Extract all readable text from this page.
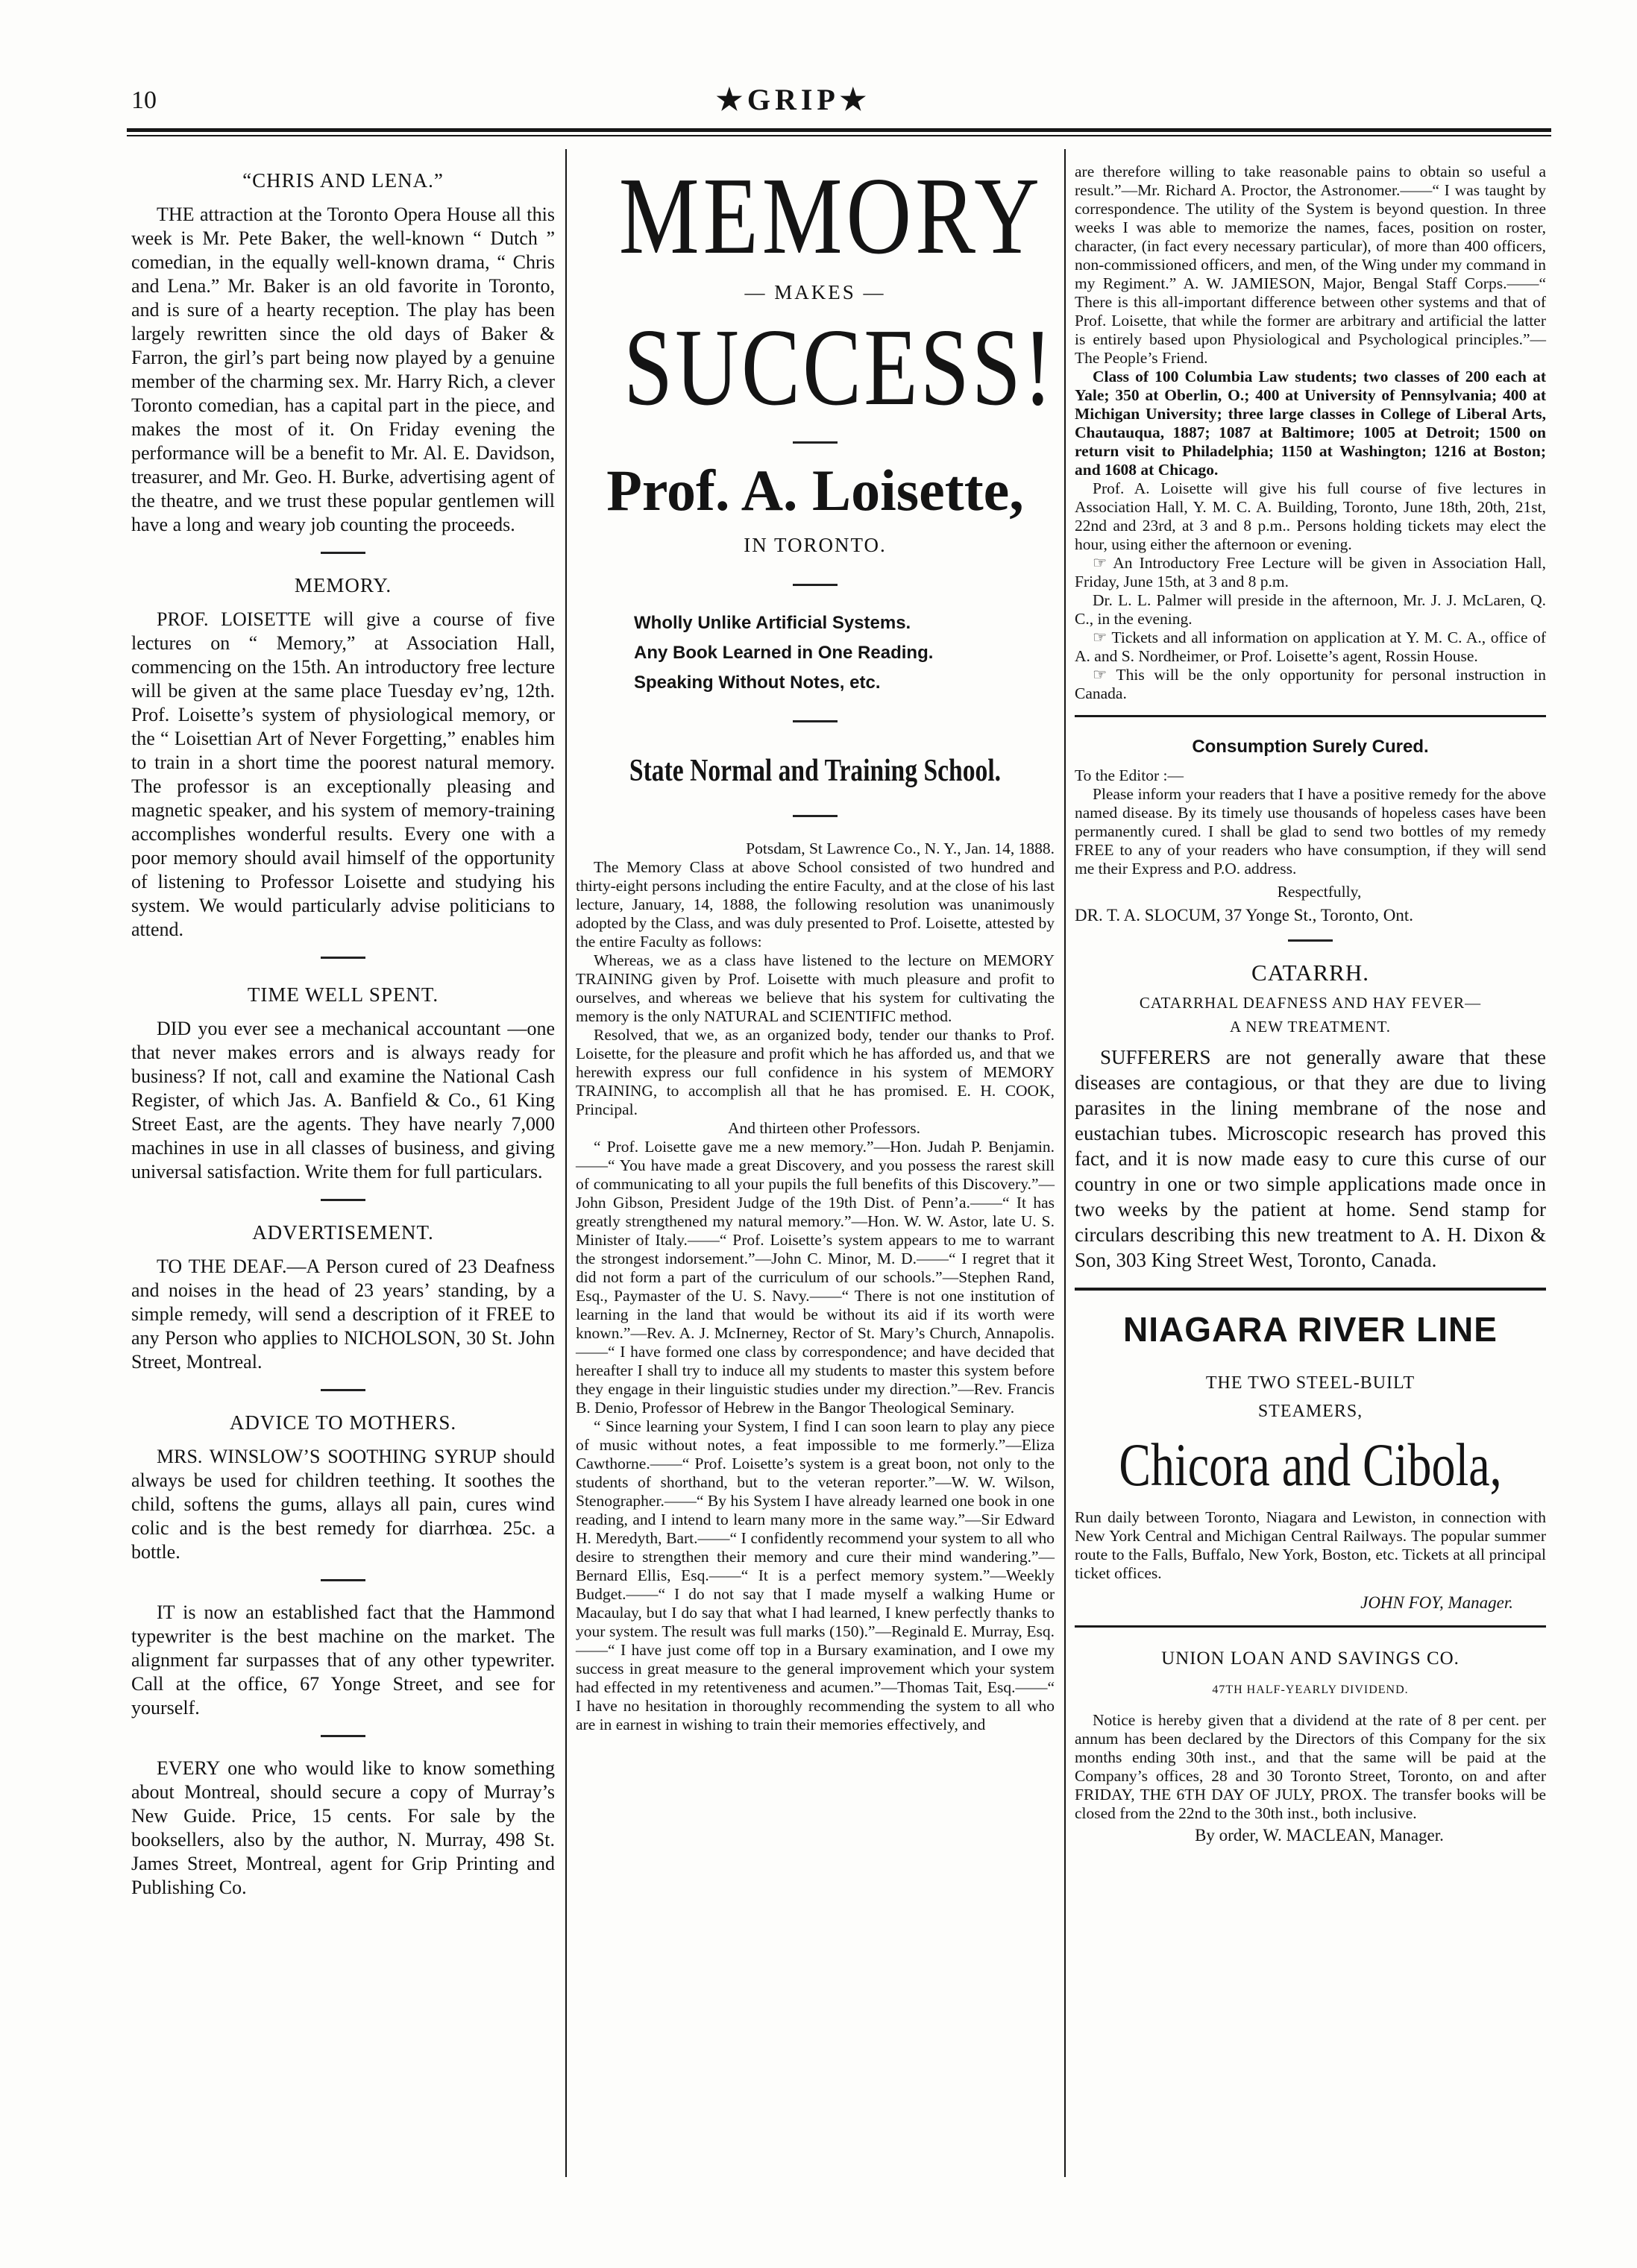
10	★GRIP★
“CHRIS AND LENA.”

THE attraction at the Toronto Opera House all this week is Mr. Pete Baker, the well-known “ Dutch ” comedian, in the equally well-known drama, “ Chris and Lena.” Mr. Baker is an old favorite in Toronto, and is sure of a hearty reception. The play has been largely rewritten since the old days of Baker & Farron, the girl’s part being now played by a genuine member of the charming sex. Mr. Harry Rich, a clever Toronto comedian, has a capital part in the piece, and makes the most of it. On Friday evening the performance will be a benefit to Mr. Al. E. Davidson, treasurer, and Mr. Geo. H. Burke, advertising agent of the theatre, and we trust these popular gentlemen will have a long and weary job counting the proceeds.

MEMORY.

PROF. LOISETTE will give a course of five lectures on “ Memory,” at Association Hall, commencing on the 15th. An introductory free lecture will be given at the same place Tuesday ev’ng, 12th. Prof. Loisette’s system of physiological memory, or the “ Loisettian Art of Never Forgetting,” enables him to train in a short time the poorest natural memory. The professor is an exceptionally pleasing and magnetic speaker, and his system of memory-training accomplishes wonderful results. Every one with a poor memory should avail himself of the opportunity of listening to Professor Loisette and studying his system. We would particularly advise politicians to attend.

TIME WELL SPENT.

DID you ever see a mechanical accountant —one that never makes errors and is always ready for business? If not, call and examine the National Cash Register, of which Jas. A. Banfield & Co., 61 King Street East, are the agents. They have nearly 7,000 machines in use in all classes of business, and giving universal satisfaction. Write them for full particulars.

ADVERTISEMENT.

TO THE DEAF.—A Person cured of 23 Deafness and noises in the head of 23 years’ standing, by a simple remedy, will send a description of it FREE to any Person who applies to NICHOLSON, 30 St. John Street, Montreal.

ADVICE TO MOTHERS.

MRS. WINSLOW’S SOOTHING SYRUP should always be used for children teething. It soothes the child, softens the gums, allays all pain, cures wind colic and is the best remedy for diarrhœa. 25c. a bottle.

IT is now an established fact that the Hammond typewriter is the best machine on the market. The alignment far surpasses that of any other typewriter. Call at the office, 67 Yonge Street, and see for yourself.

EVERY one who would like to know something about Montreal, should secure a copy of Murray’s New Guide. Price, 15 cents. For sale by the booksellers, also by the author, N. Murray, 498 St. James Street, Montreal, agent for Grip Printing and Publishing Co.

MEMORY
— MAKES —
SUCCESS!
Prof. A. Loisette,
IN TORONTO.
Wholly Unlike Artificial Systems.
Any Book Learned in One Reading.
Speaking Without Notes, etc.
State Normal and Training School.

Potsdam, St Lawrence Co., N. Y., Jan. 14, 1888.

The Memory Class at above School consisted of two hundred and thirty-eight persons including the entire Faculty, and at the close of his last lecture, January, 14, 1888, the following resolution was unanimously adopted by the Class, and was duly presented to Prof. Loisette, attested by the entire Faculty as follows:

Whereas, we as a class have listened to the lecture on MEMORY TRAINING given by Prof. Loisette with much pleasure and profit to ourselves, and whereas we believe that his system for cultivating the memory is the only NATURAL and SCIENTIFIC method.

Resolved, that we, as an organized body, tender our thanks to Prof. Loisette, for the pleasure and profit which he has afforded us, and that we herewith express our full confidence in his system of MEMORY TRAINING, to accomplish all that he has promised. E. H. COOK, Principal.

And thirteen other Professors.

“ Prof. Loisette gave me a new memory.”—Hon. Judah P. Benjamin.——“ You have made a great Discovery, and you possess the rarest skill of communicating to all your pupils the full benefits of this Discovery.”—John Gibson, President Judge of the 19th Dist. of Penn’a.——“ It has greatly strengthened my natural memory.”—Hon. W. W. Astor, late U. S. Minister of Italy.——“ Prof. Loisette’s system appears to me to warrant the strongest indorsement.”—John C. Minor, M. D.——“ I regret that it did not form a part of the curriculum of our schools.”—Stephen Rand, Esq., Paymaster of the U. S. Navy.——“ There is not one institution of learning in the land that would be without its aid if its worth were known.”—Rev. A. J. McInerney, Rector of St. Mary’s Church, Annapolis.——“ I have formed one class by correspondence; and have decided that hereafter I shall try to induce all my students to master this system before they engage in their linguistic studies under my direction.”—Rev. Francis B. Denio, Professor of Hebrew in the Bangor Theological Seminary.

“ Since learning your System, I find I can soon learn to play any piece of music without notes, a feat impossible to me formerly.”—Eliza Cawthorne.——“ Prof. Loisette’s system is a great boon, not only to the students of shorthand, but to the veteran reporter.”—W. W. Wilson, Stenographer.——“ By his System I have already learned one book in one reading, and I intend to learn many more in the same way.”—Sir Edward H. Meredyth, Bart.——“ I confidently recommend your system to all who desire to strengthen their memory and cure their mind wandering.”—Bernard Ellis, Esq.——“ It is a perfect memory system.”—Weekly Budget.——“ I do not say that I made myself a walking Hume or Macaulay, but I do say that what I had learned, I knew perfectly thanks to your system. The result was full marks (150).”—Reginald E. Murray, Esq.——“ I have just come off top in a Bursary examination, and I owe my success in great measure to the general improvement which your system had effected in my retentiveness and acumen.”—Thomas Tait, Esq.——“ I have no hesitation in thoroughly recommending the system to all who are in earnest in wishing to train their memories effectively, and

are therefore willing to take reasonable pains to obtain so useful a result.”—Mr. Richard A. Proctor, the Astronomer.——“ I was taught by correspondence. The utility of the System is beyond question. In three weeks I was able to memorize the names, faces, position on roster, character, (in fact every necessary particular), of more than 400 officers, non-commissioned officers, and men, of the Wing under my command in my Regiment.” A. W. JAMIESON, Major, Bengal Staff Corps.——“ There is this all-important difference between other systems and that of Prof. Loisette, that while the former are arbitrary and artificial the latter is entirely based upon Physiological and Psychological principles.”—The People’s Friend.

Class of 100 Columbia Law students; two classes of 200 each at Yale; 350 at Oberlin, O.; 400 at University of Pennsylvania; 400 at Michigan University; three large classes in College of Liberal Arts, Chautauqua, 1887; 1087 at Baltimore; 1005 at Detroit; 1500 on return visit to Philadelphia; 1150 at Washington; 1216 at Boston; and 1608 at Chicago.

Prof. A. Loisette will give his full course of five lectures in Association Hall, Y. M. C. A. Building, Toronto, June 18th, 20th, 21st, 22nd and 23rd, at 3 and 8 p.m.. Persons holding tickets may elect the hour, using either the afternoon or evening.

☞ An Introductory Free Lecture will be given in Association Hall, Friday, June 15th, at 3 and 8 p.m.

Dr. L. L. Palmer will preside in the afternoon, Mr. J. J. McLaren, Q. C., in the evening.

☞ Tickets and all information on application at Y. M. C. A., office of A. and S. Nordheimer, or Prof. Loisette’s agent, Rossin House.

☞ This will be the only opportunity for personal instruction in Canada.

Consumption Surely Cured.

To the Editor :—

Please inform your readers that I have a positive remedy for the above named disease. By its timely use thousands of hopeless cases have been permanently cured. I shall be glad to send two bottles of my remedy FREE to any of your readers who have consumption, if they will send me their Express and P.O. address.

Respectfully,

DR. T. A. SLOCUM, 37 Yonge St., Toronto, Ont.

CATARRH.
CATARRHAL DEAFNESS AND HAY FEVER—
A NEW TREATMENT.

SUFFERERS are not generally aware that these diseases are contagious, or that they are due to living parasites in the lining membrane of the nose and eustachian tubes. Microscopic research has proved this fact, and it is now made easy to cure this curse of our country in one or two simple applications made once in two weeks by the patient at home. Send stamp for circulars describing this new treatment to A. H. Dixon & Son, 303 King Street West, Toronto, Canada.

NIAGARA RIVER LINE
THE TWO STEEL-BUILT
STEAMERS,
Chicora and Cibola,

Run daily between Toronto, Niagara and Lewiston, in connection with New York Central and Michigan Central Railways. The popular summer route to the Falls, Buffalo, New York, Boston, etc. Tickets at all principal ticket offices.

JOHN FOY, Manager.

UNION LOAN AND SAVINGS CO.
47TH HALF-YEARLY DIVIDEND.

Notice is hereby given that a dividend at the rate of 8 per cent. per annum has been declared by the Directors of this Company for the six months ending 30th inst., and that the same will be paid at the Company’s offices, 28 and 30 Toronto Street, Toronto, on and after FRIDAY, THE 6TH DAY OF JULY, PROX. The transfer books will be closed from the 22nd to the 30th inst., both inclusive.

By order, W. MACLEAN, Manager.
